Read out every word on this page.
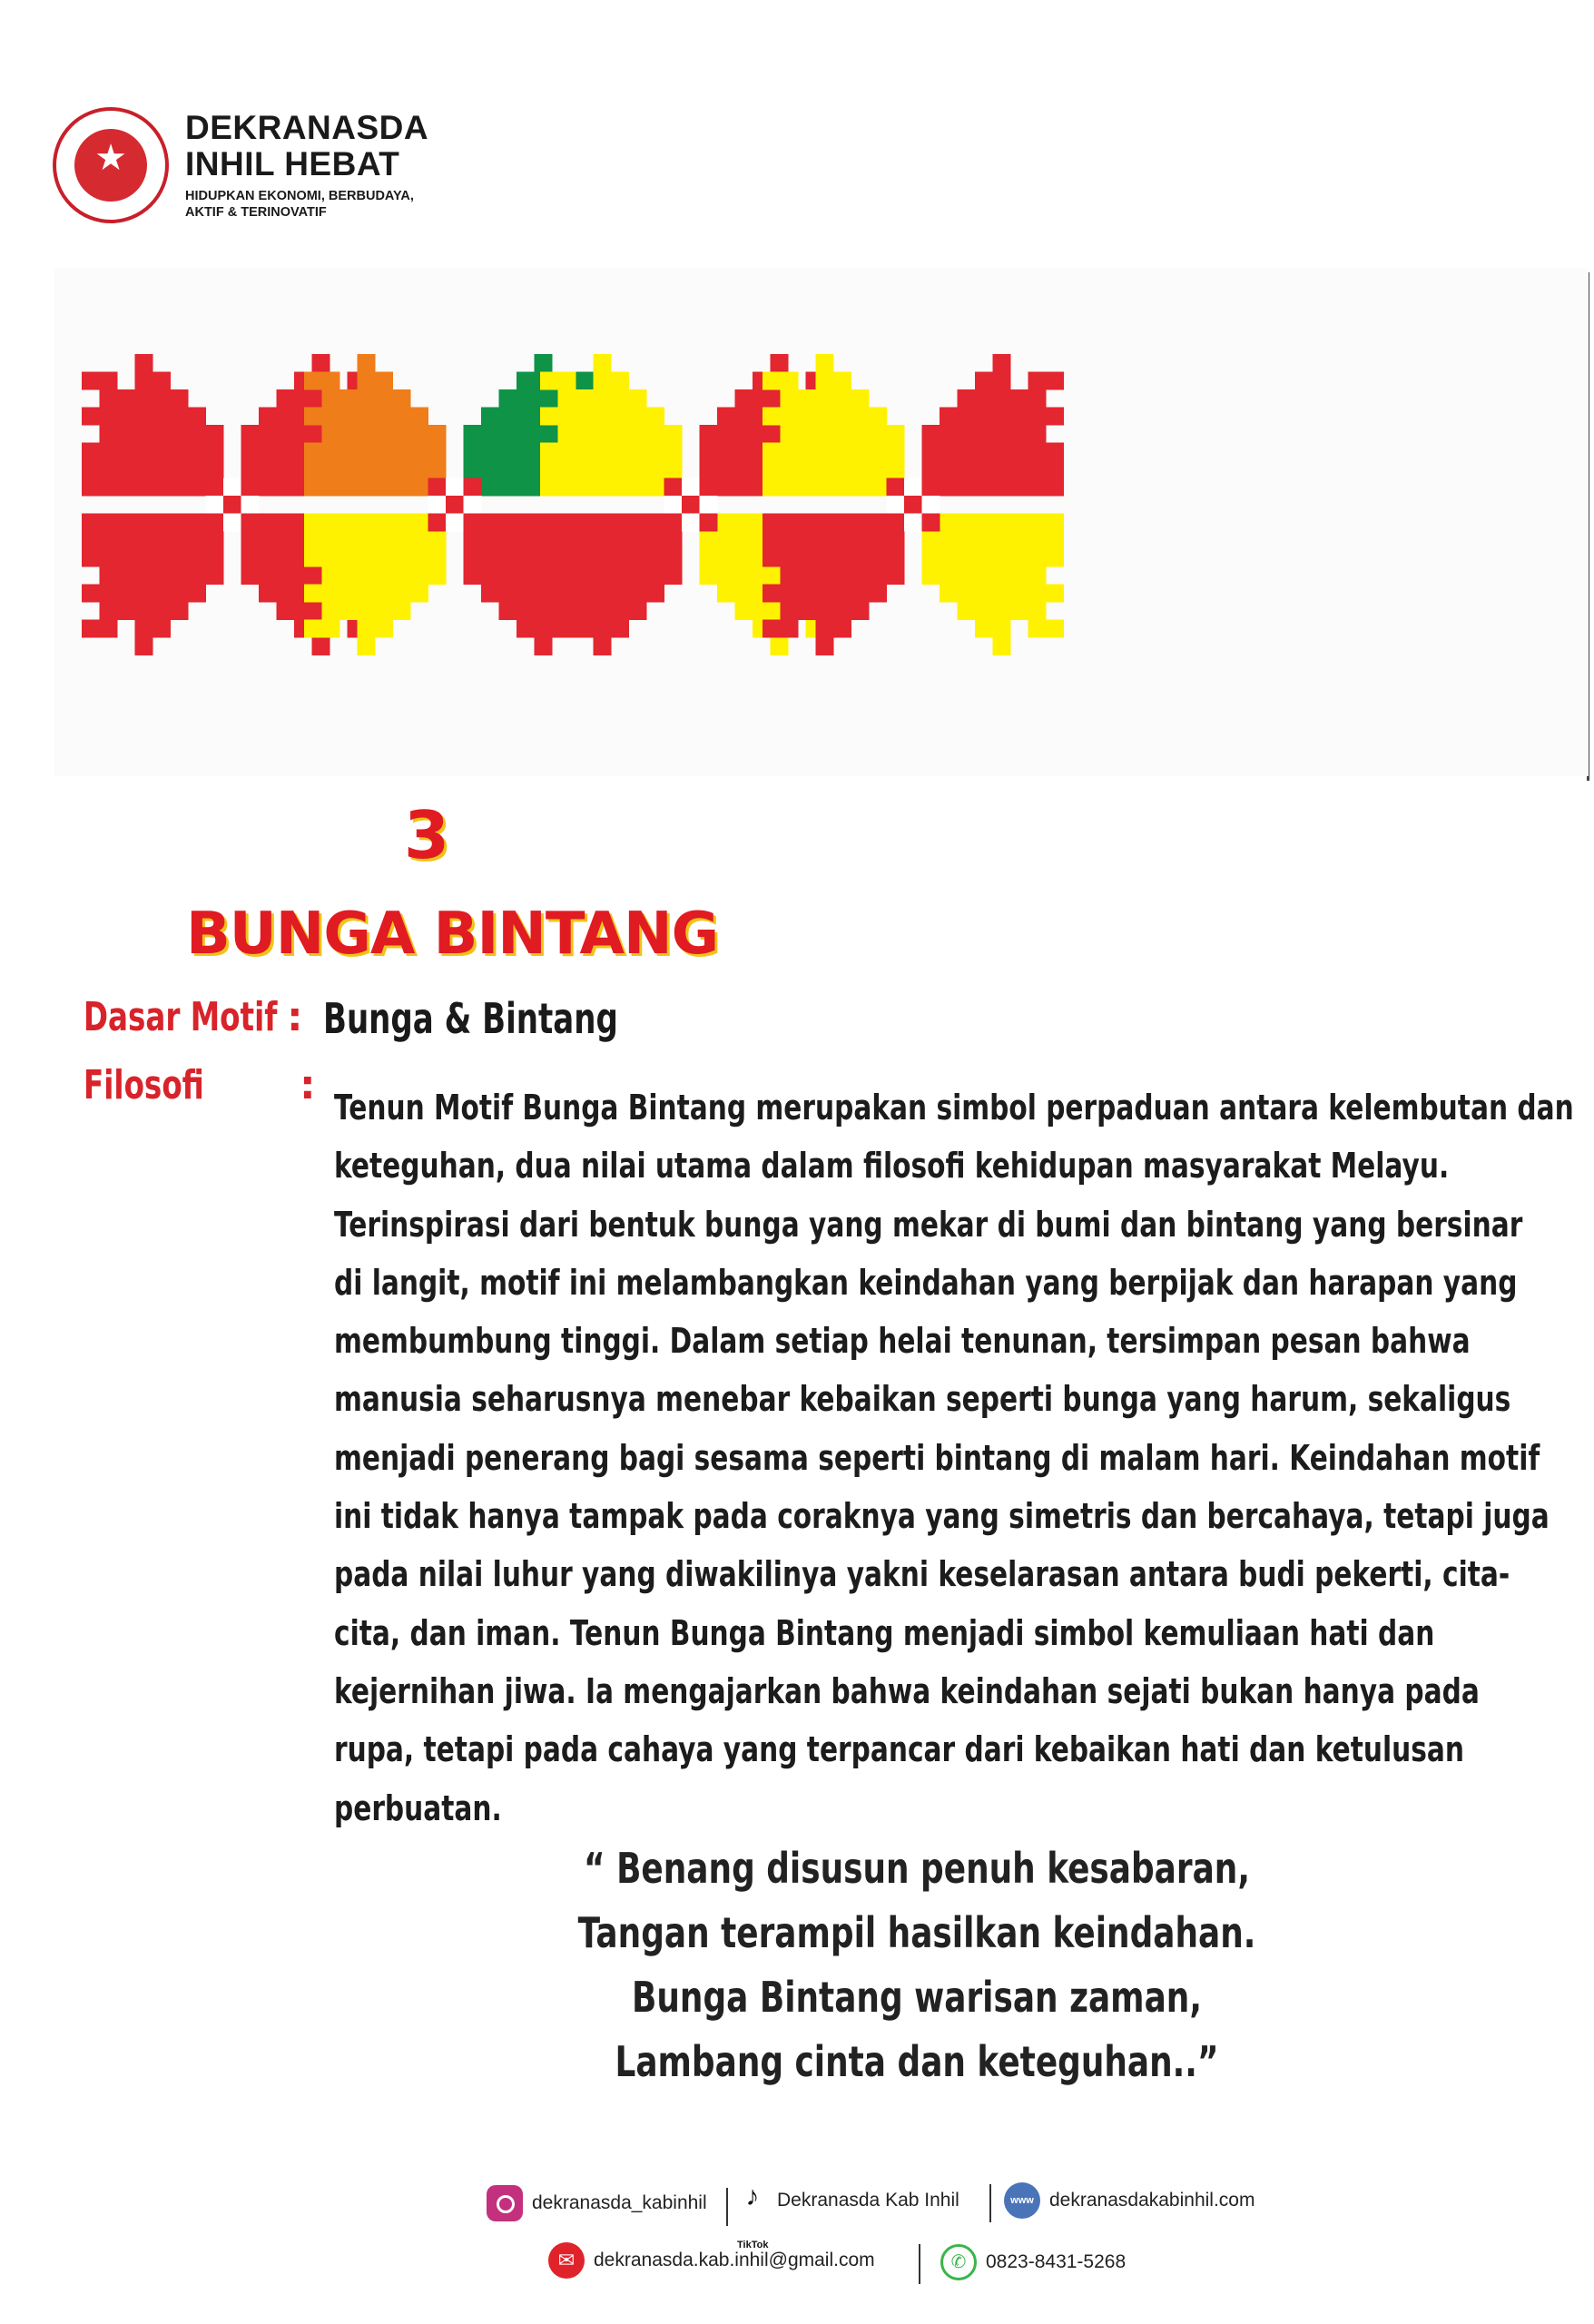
★
DEKRANASDA
INHIL HEBAT
HIDUPKAN EKONOMI, BERBUDAYA,
AKTIF & TERINOVATIF
3
BUNGA BINTANG
Dasar Motif : Bunga & Bintang
Filosofi : Tenun Motif Bunga Bintang merupakan simbol perpaduan antara kelembutan dan
keteguhan, dua nilai utama dalam filosofi kehidupan masyarakat Melayu.
Terinspirasi dari bentuk bunga yang mekar di bumi dan bintang yang bersinar
di langit, motif ini melambangkan keindahan yang berpijak dan harapan yang
membumbung tinggi. Dalam setiap helai tenunan, tersimpan pesan bahwa
manusia seharusnya menebar kebaikan seperti bunga yang harum, sekaligus
menjadi penerang bagi sesama seperti bintang di malam hari. Keindahan motif
ini tidak hanya tampak pada coraknya yang simetris dan bercahaya, tetapi juga
pada nilai luhur yang diwakilinya yakni keselarasan antara budi pekerti, cita-
cita, dan iman. Tenun Bunga Bintang menjadi simbol kemuliaan hati dan
kejernihan jiwa. Ia mengajarkan bahwa keindahan sejati bukan hanya pada
rupa, tetapi pada cahaya yang terpancar dari kebaikan hati dan ketulusan
perbuatan.
“ Benang disusun penuh kesabaran,
Tangan terampil hasilkan keindahan.
Bunga Bintang warisan zaman,
Lambang cinta dan keteguhan..”
dekranasda_kabinhil	♪ Dekranasda Kab Inhil
TikTok
www dekranasdakabinhil.com
✉ dekranasda.kab.inhil@gmail.com	✆	0823-8431-5268
